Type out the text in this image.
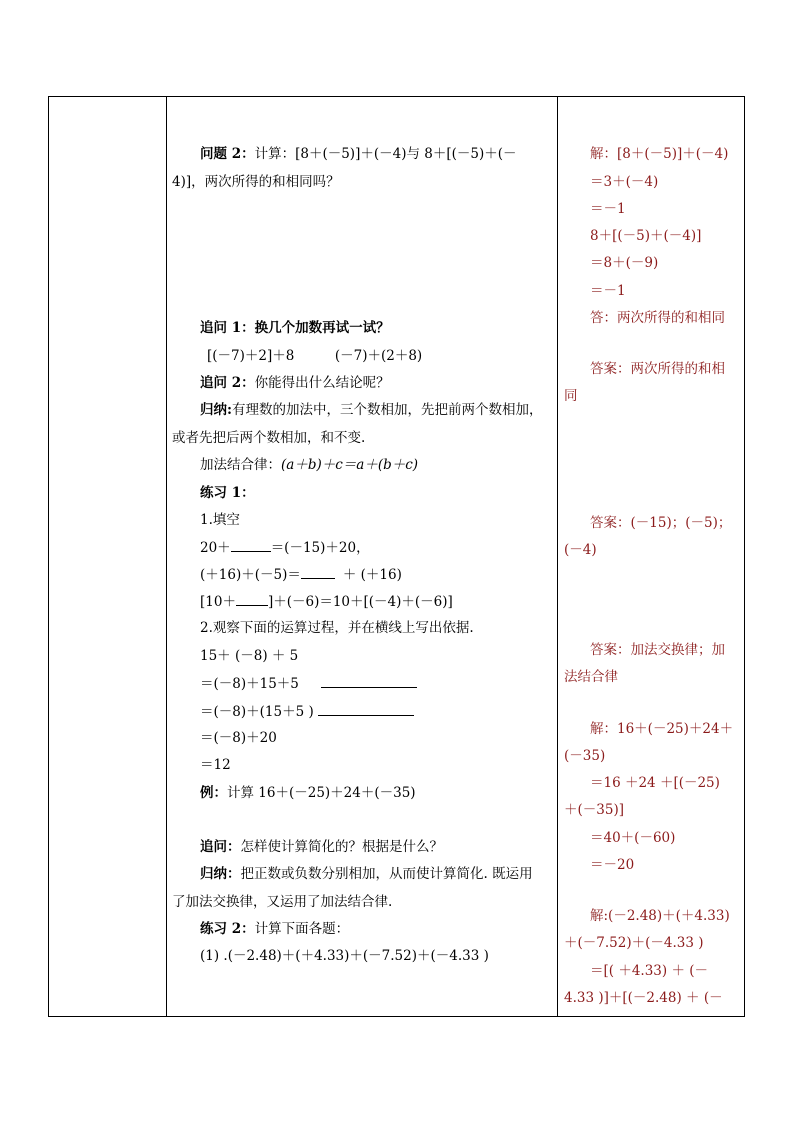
问题 2：计算：[8＋(－5)]＋(－4)与 8＋[(－5)＋(－
4)]，两次所得的和相同吗？
追问 1：换几个加数再试一试？
[(－7)＋2]＋8　　　(－7)＋(2＋8)
追问 2：你能得出什么结论呢？
归纳:有理数的加法中，三个数相加，先把前两个数相加，
或者先把后两个数相加，和不变.
加法结合律：(a＋b)＋c＝a＋(b＋c)
练习 1：
1.填空
20＋	＝(－15)＋20，
(＋16)＋(－5)＝	＋ (＋16)
[10＋ ]＋(－6)＝10＋[(－4)＋(－6)]
2.观察下面的运算过程，并在横线上写出依据.
15＋ (－8) ＋ 5
＝(－8)＋15＋5
＝(－8)＋(15＋5 )
＝(－8)＋20
＝12
例：计算 16＋(－25)＋24＋(－35)
追问：怎样使计算简化的？根据是什么？
归纳：把正数或负数分别相加，从而使计算简化. 既运用
了加法交换律，又运用了加法结合律.
练习 2：计算下面各题：
(1) .(－2.48)＋(＋4.33)＋(－7.52)＋(－4.33 )
解：[8＋(－5)]＋(－4)
＝3＋(－4)
＝－1
8＋[(－5)＋(－4)]
＝8＋(－9)
＝－1
答：两次所得的和相同
答案：两次所得的和相
同
答案：(－15)；(－5)；
(－4)
答案：加法交换律；加
法结合律
解：16＋(－25)＋24＋
(－35)
＝16 ＋24 ＋[(－25)
＋(－35)]
＝40＋(－60)
＝－20
解:(－2.48)＋(＋4.33)
＋(－7.52)＋(－4.33 )
＝[( ＋4.33) ＋ (－
4.33 )]＋[(－2.48) ＋ (－
